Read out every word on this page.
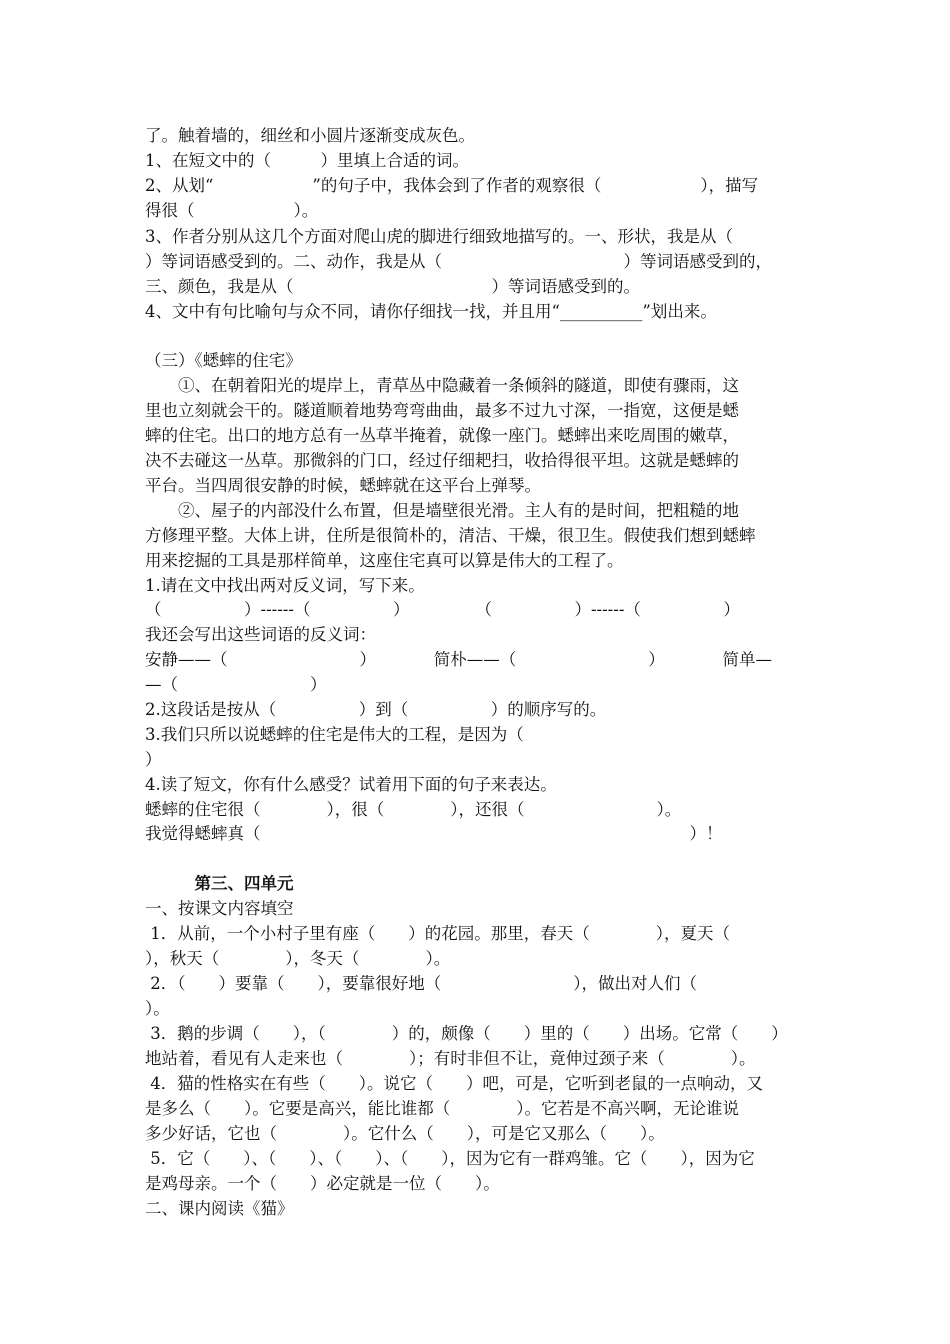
了。触着墙的，细丝和小圆片逐渐变成灰色。
1、在短文中的（　　　）里填上合适的词。
2、从划“　　　　　　”的句子中，我体会到了作者的观察很（　　　　　　），描写
得很（　　　　　　）。
3、作者分别从这几个方面对爬山虎的脚进行细致地描写的。一、形状，我是从（
）等词语感受到的。二、动作，我是从（　　　　　　　　　　　）等词语感受到的，
三、颜色，我是从（　　　　　　　　　　　　）等词语感受到的。
4、文中有句比喻句与众不同，请你仔细找一找，并且用“__________”划出来。
（三）《蟋蟀的住宅》
　　①、在朝着阳光的堤岸上，青草丛中隐藏着一条倾斜的隧道，即使有骤雨，这
里也立刻就会干的。隧道顺着地势弯弯曲曲，最多不过九寸深，一指宽，这便是蟋
蟀的住宅。出口的地方总有一丛草半掩着，就像一座门。蟋蟀出来吃周围的嫩草，
决不去碰这一丛草。那微斜的门口，经过仔细耙扫，收拾得很平坦。这就是蟋蟀的
平台。当四周很安静的时候，蟋蟀就在这平台上弹琴。
　　②、屋子的内部没什么布置，但是墙壁很光滑。主人有的是时间，把粗糙的地
方修理平整。大体上讲，住所是很简朴的，清洁、干燥，很卫生。假使我们想到蟋蟀
用来挖掘的工具是那样简单，这座住宅真可以算是伟大的工程了。
1.请在文中找出两对反义词，写下来。
（　　　　　）------（　　　　　）　　　　　（　　　　　）------（　　　　　）
我还会写出这些词语的反义词：
安静——（　　　　　　　　）　　　　简朴——（　　　　　　　　）　　　　简单—
—（　　　　　　　　）
2.这段话是按从（　　　　　）到（　　　　　）的顺序写的。
3.我们只所以说蟋蟀的住宅是伟大的工程，是因为（
）
4.读了短文，你有什么感受？试着用下面的句子来表达。
蟋蟀的住宅很（　　　　），很（　　　　），还很（　　　　　　　　）。
我觉得蟋蟀真（　　　　　　　　　　　　　　　　　　　　　　　　　　）！
　　　第三、四单元
一、按课文内容填空
1．从前，一个小村子里有座（　　）的花园。那里，春天（　　　　），夏天（
），秋天（　　　　），冬天（　　　　）。
2．（　　）要靠（　　），要靠很好地（　　　　　　　　），做出对人们（
）。
3．鹅的步调（　　），（　　　　）的，颇像（　　）里的（　　）出场。它常（　　）
地站着，看见有人走来也（　　　　）；有时非但不让，竟伸过颈子来（　　　　）。
4．猫的性格实在有些（　　）。说它（　　）吧，可是，它听到老鼠的一点响动，又
是多么（　　）。它要是高兴，能比谁都（　　　　）。它若是不高兴啊，无论谁说
多少好话，它也（　　　　）。它什么（　　），可是它又那么（　　）。
5．它（　　）、（　　）、（　　）、（　　），因为它有一群鸡雏。它（　　），因为它
是鸡母亲。一个（　　）必定就是一位（　　）。
二、课内阅读《猫》
